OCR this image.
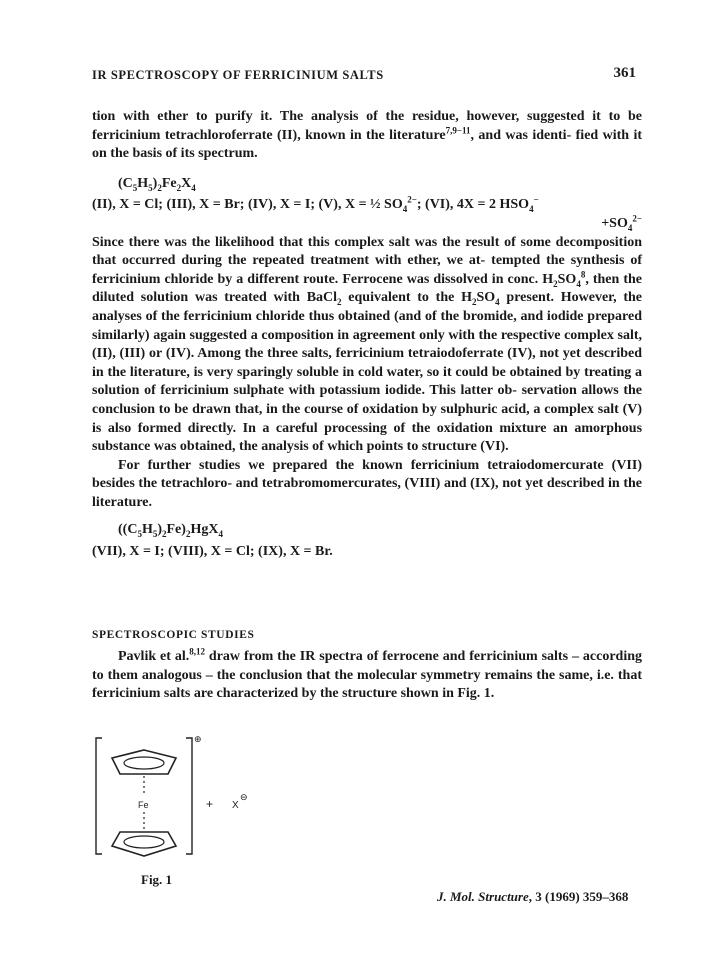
IR SPECTROSCOPY OF FERRICINIUM SALTS	361

tion with ether to purify it. The analysis of the residue, however, suggested it to be ferricinium tetrachloroferrate (II), known in the literature$^{7,9-11}$, and was identi- fied with it on the basis of its spectrum.

$(C_5H_5)_2Fe_2X_4$

(II), X = Cl; (III), X = Br; (IV), X = I; (V), X = ½ $SO_4^{2-}$; (VI), 4X = 2 $HSO_4^-$

$+SO_4^{2-}$

Since there was the likelihood that this complex salt was the result of some decomposition that occurred during the repeated treatment with ether, we at- tempted the synthesis of ferricinium chloride by a different route. Ferrocene was dissolved in conc. $H_2SO_4^8$, then the diluted solution was treated with BaCl$_2$ equivalent to the $H_2SO_4$ present. However, the analyses of the ferricinium chloride thus obtained (and of the bromide, and iodide prepared similarly) again suggested a composition in agreement only with the respective complex salt, (II), (III) or (IV). Among the three salts, ferricinium tetraiodoferrate (IV), not yet described in the literature, is very sparingly soluble in cold water, so it could be obtained by treating a solution of ferricinium sulphate with potassium iodide. This latter ob- servation allows the conclusion to be drawn that, in the course of oxidation by sulphuric acid, a complex salt (V) is also formed directly. In a careful processing of the oxidation mixture an amorphous substance was obtained, the analysis of which points to structure (VI).

For further studies we prepared the known ferricinium tetraiodomercurate (VII) besides the tetrachloro- and tetrabromomercurates, (VIII) and (IX), not yet described in the literature.

$((C_5H_5)_2Fe)_2HgX_4$

(VII), X = I; (VIII), X = Cl; (IX), X = Br.

SPECTROSCOPIC STUDIES

Pavlik et al.$^{8,12}$ draw from the IR spectra of ferrocene and ferricinium salts – according to them analogous – the conclusion that the molecular symmetry remains the same, i.e. that ferricinium salts are characterized by the structure shown in Fig. 1.

Fe
⊕
+ X
⊖
Fig. 1
J. Mol. Structure, 3 (1969) 359–368
